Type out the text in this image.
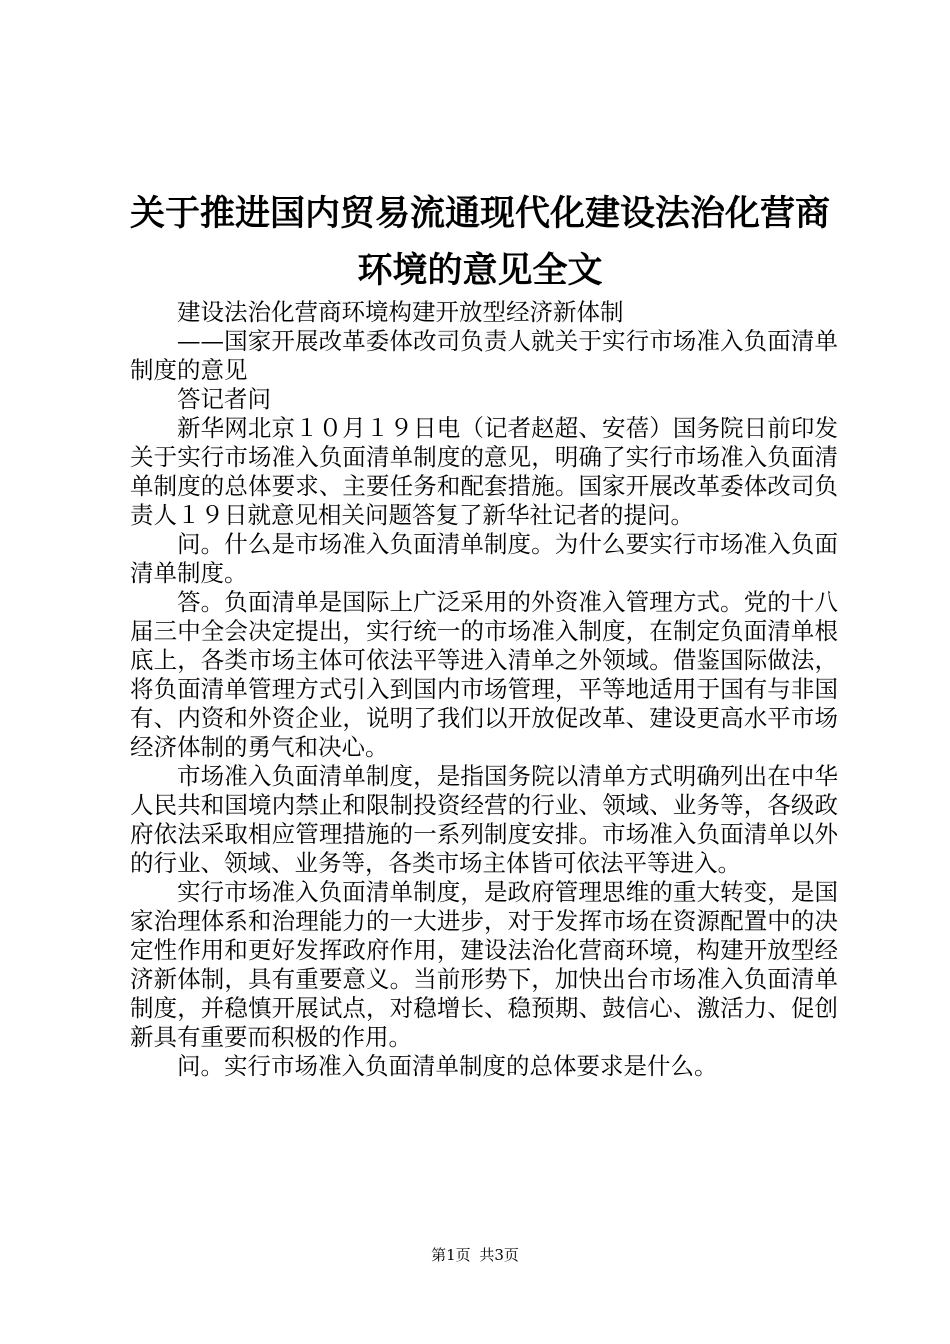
关于推进国内贸易流通现代化建设法治化营商
环境的意见全文

建设法治化营商环境构建开放型经济新体制

——国家开展改革委体改司负责人就关于实行市场准入负面清单制度的意见

答记者问

新华网北京１０月１９日电（记者赵超、安蓓）国务院日前印发关于实行市场准入负面清单制度的意见，明确了实行市场准入负面清单制度的总体要求、主要任务和配套措施。国家开展改革委体改司负责人１９日就意见相关问题答复了新华社记者的提问。

问。什么是市场准入负面清单制度。为什么要实行市场准入负面清单制度。

答。负面清单是国际上广泛采用的外资准入管理方式。党的十八届三中全会决定提出，实行统一的市场准入制度，在制定负面清单根底上，各类市场主体可依法平等进入清单之外领域。借鉴国际做法，将负面清单管理方式引入到国内市场管理，平等地适用于国有与非国有、内资和外资企业，说明了我们以开放促改革、建设更高水平市场经济体制的勇气和决心。

市场准入负面清单制度，是指国务院以清单方式明确列出在中华人民共和国境内禁止和限制投资经营的行业、领域、业务等，各级政府依法采取相应管理措施的一系列制度安排。市场准入负面清单以外的行业、领域、业务等，各类市场主体皆可依法平等进入。

实行市场准入负面清单制度，是政府管理思维的重大转变，是国家治理体系和治理能力的一大进步，对于发挥市场在资源配置中的决定性作用和更好发挥政府作用，建设法治化营商环境，构建开放型经济新体制，具有重要意义。当前形势下，加快出台市场准入负面清单制度，并稳慎开展试点，对稳增长、稳预期、鼓信心、激活力、促创新具有重要而积极的作用。

问。实行市场准入负面清单制度的总体要求是什么。

第1页 共3页
